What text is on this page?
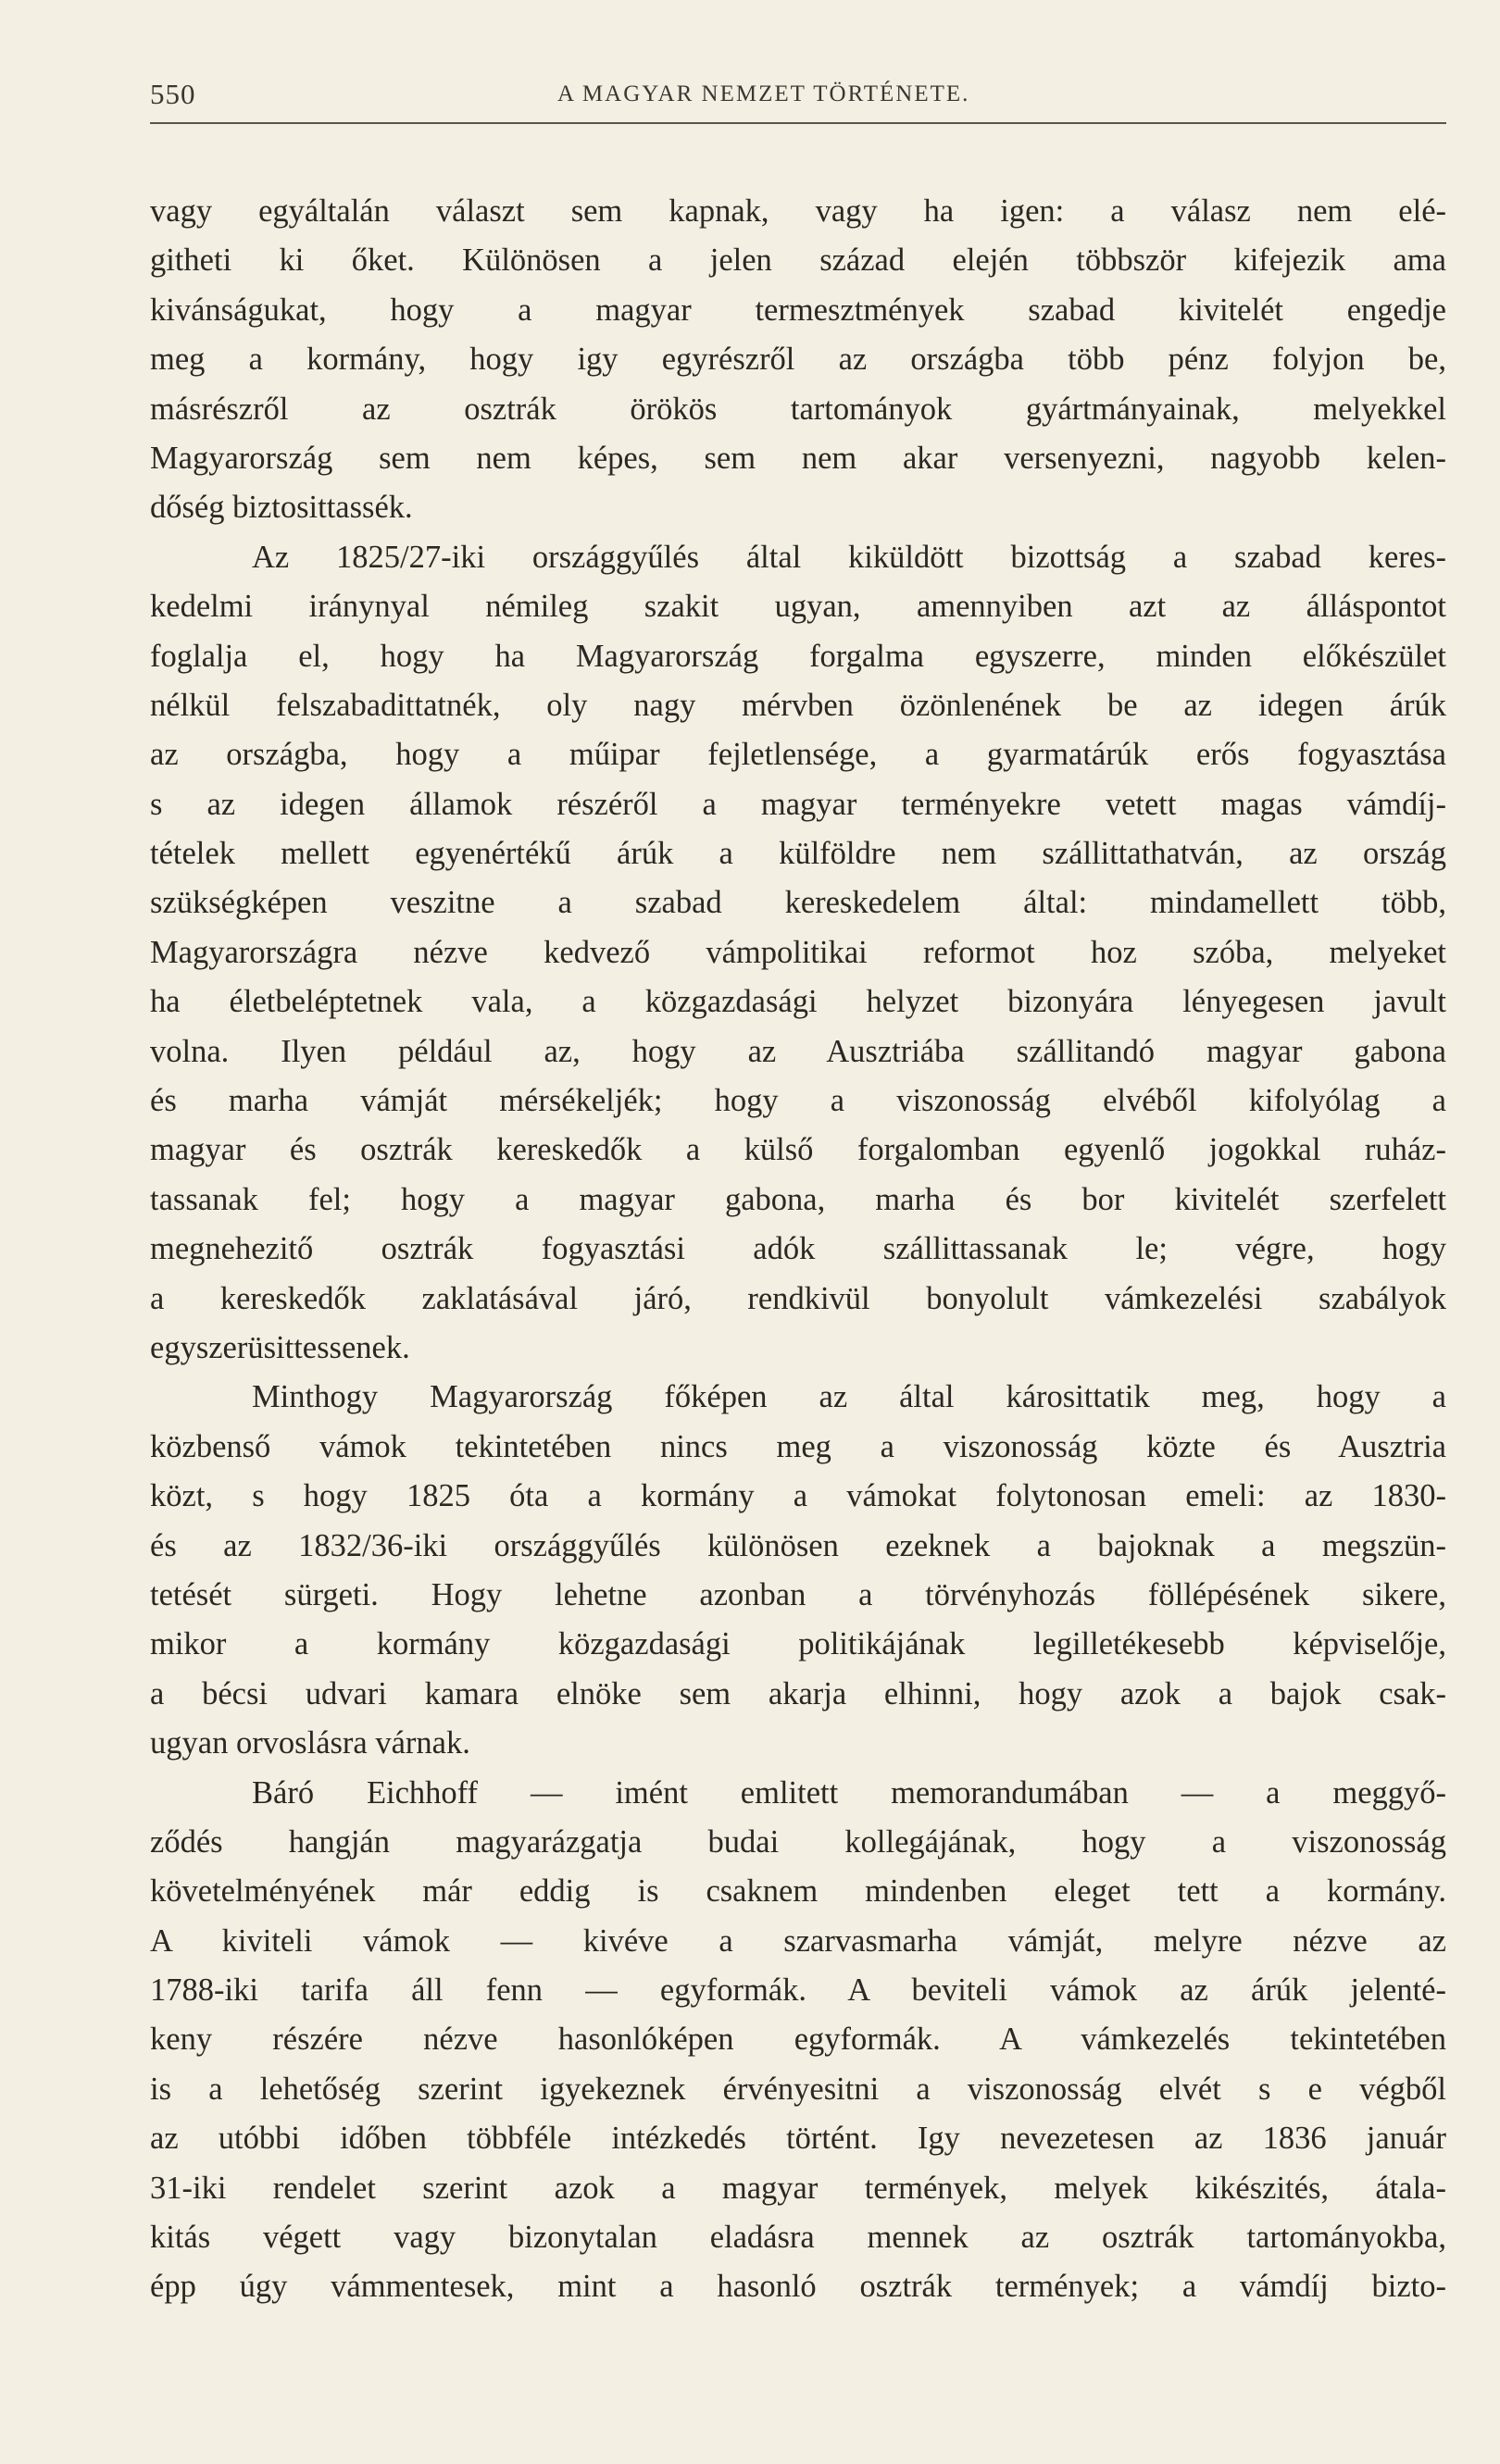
550	A MAGYAR NEMZET TÖRTÉNETE.
vagy egyáltalán választ sem kapnak, vagy ha igen: a válasz nem elé-
githeti ki őket. Különösen a jelen század elején többször kifejezik ama
kivánságukat, hogy a magyar termesztmények szabad kivitelét engedje
meg a kormány, hogy igy egyrészről az országba több pénz folyjon be,
másrészről az osztrák örökös tartományok gyártmányainak, melyekkel
Magyarország sem nem képes, sem nem akar versenyezni, nagyobb kelen-
dőség biztosittassék.
Az 1825/27-iki országgyűlés által kiküldött bizottság a szabad keres-
kedelmi iránynyal némileg szakit ugyan, amennyiben azt az álláspontot
foglalja el, hogy ha Magyarország forgalma egyszerre, minden előkészület
nélkül felszabadittatnék, oly nagy mérvben özönlenének be az idegen árúk
az országba, hogy a műipar fejletlensége, a gyarmatárúk erős fogyasztása
s az idegen államok részéről a magyar terményekre vetett magas vámdíj-
tételek mellett egyenértékű árúk a külföldre nem szállittathatván, az ország
szükségképen veszitne a szabad kereskedelem által: mindamellett több,
Magyarországra nézve kedvező vámpolitikai reformot hoz szóba, melyeket
ha életbeléptetnek vala, a közgazdasági helyzet bizonyára lényegesen javult
volna. Ilyen például az, hogy az Ausztriába szállitandó magyar gabona
és marha vámját mérsékeljék; hogy a viszonosság elvéből kifolyólag a
magyar és osztrák kereskedők a külső forgalomban egyenlő jogokkal ruház-
tassanak fel; hogy a magyar gabona, marha és bor kivitelét szerfelett
megnehezitő osztrák fogyasztási adók szállittassanak le; végre, hogy
a kereskedők zaklatásával járó, rendkivül bonyolult vámkezelési szabályok
egyszerüsittessenek.
Minthogy Magyarország főképen az által károsittatik meg, hogy a
közbenső vámok tekintetében nincs meg a viszonosság közte és Ausztria
közt, s hogy 1825 óta a kormány a vámokat folytonosan emeli: az 1830-
és az 1832/36-iki országgyűlés különösen ezeknek a bajoknak a megszün-
tetését sürgeti. Hogy lehetne azonban a törvényhozás föllépésének sikere,
mikor a kormány közgazdasági politikájának legilletékesebb képviselője,
a bécsi udvari kamara elnöke sem akarja elhinni, hogy azok a bajok csak-
ugyan orvoslásra várnak.
Báró Eichhoff — imént emlitett memorandumában — a meggyő-
ződés hangján magyarázgatja budai kollegájának, hogy a viszonosság
követelményének már eddig is csaknem mindenben eleget tett a kormány.
A kiviteli vámok — kivéve a szarvasmarha vámját, melyre nézve az
1788-iki tarifa áll fenn — egyformák. A beviteli vámok az árúk jelenté-
keny részére nézve hasonlóképen egyformák. A vámkezelés tekintetében
is a lehetőség szerint igyekeznek érvényesitni a viszonosság elvét s e végből
az utóbbi időben többféle intézkedés történt. Igy nevezetesen az 1836 január
31-iki rendelet szerint azok a magyar termények, melyek kikészités, átala-
kitás végett vagy bizonytalan eladásra mennek az osztrák tartományokba,
épp úgy vámmentesek, mint a hasonló osztrák termények; a vámdíj bizto-
